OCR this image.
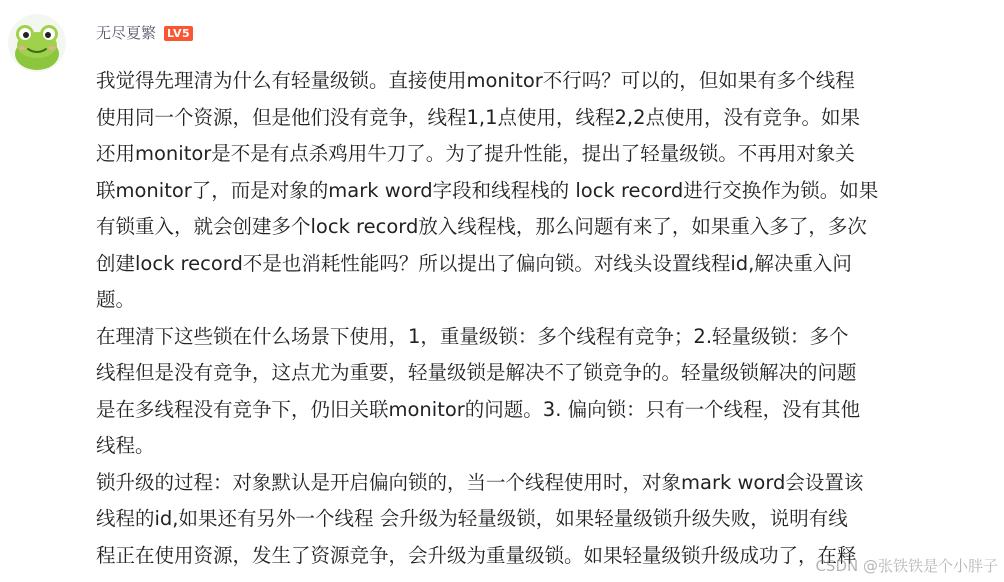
无尽夏繁 LV5
我觉得先理清为什么有轻量级锁。直接使用monitor不行吗？可以的，但如果有多个线程
使用同一个资源，但是他们没有竞争，线程1,1点使用，线程2,2点使用，没有竞争。如果
还用monitor是不是有点杀鸡用牛刀了。为了提升性能，提出了轻量级锁。不再用对象关
联monitor了，而是对象的mark word字段和线程栈的 lock record进行交换作为锁。如果
有锁重入，就会创建多个lock record放入线程栈，那么问题有来了，如果重入多了，多次
创建lock record不是也消耗性能吗？所以提出了偏向锁。对线头设置线程id,解决重入问
题。
在理清下这些锁在什么场景下使用，1，重量级锁：多个线程有竞争；2.轻量级锁：多个
线程但是没有竞争，这点尤为重要，轻量级锁是解决不了锁竞争的。轻量级锁解决的问题
是在多线程没有竞争下，仍旧关联monitor的问题。3. 偏向锁：只有一个线程，没有其他
线程。
锁升级的过程：对象默认是开启偏向锁的，当一个线程使用时，对象mark word会设置该
线程的id,如果还有另外一个线程 会升级为轻量级锁，如果轻量级锁升级失败，说明有线
程正在使用资源，发生了资源竞争，会升级为重量级锁。如果轻量级锁升级成功了，在释
CSDN @张铁铁是个小胖子
